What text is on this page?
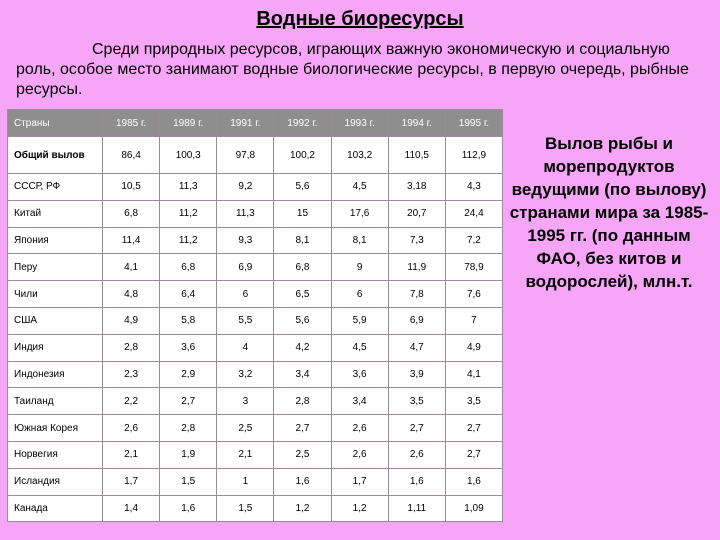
Водные биоресурсы

Среди природных ресурсов, играющих важную экономическую и социальную роль, особое место занимают водные биологические ресурсы, в первую очередь, рыбные ресурсы.

Страны	1985 г.	1989 г.	1991 г.	1992 г.	1993 г.	1994 г.	1995 г.
Общий вылов	86,4	100,3	97,8	100,2	103,2	110,5	112,9
СССР, РФ	10,5	11,3	9,2	5,6	4,5	3,18	4,3
Китай	6,8	11,2	11,3	15	17,6	20,7	24,4
Япония	11,4	11,2	9,3	8,1	8,1	7,3	7,2
Перу	4,1	6,8	6,9	6,8	9	11,9	78,9
Чили	4,8	6,4	6	6,5	6	7,8	7,6
США	4,9	5,8	5,5	5,6	5,9	6,9	7
Индия	2,8	3,6	4	4,2	4,5	4,7	4,9
Индонезия	2,3	2,9	3,2	3,4	3,6	3,9	4,1
Таиланд	2,2	2,7	3	2,8	3,4	3,5	3,5
Южная Корея	2,6	2,8	2,5	2,7	2,6	2,7	2,7
Норвегия	2,1	1,9	2,1	2,5	2,6	2,6	2,7
Исландия	1,7	1,5	1	1,6	1,7	1,6	1,6
Канада	1,4	1,6	1,5	1,2	1,2	1,11	1,09

Вылов рыбы и морепродуктов ведущими (по вылову) странами мира за 1985-1995 гг. (по данным ФАО, без китов и водорослей), млн.т.
